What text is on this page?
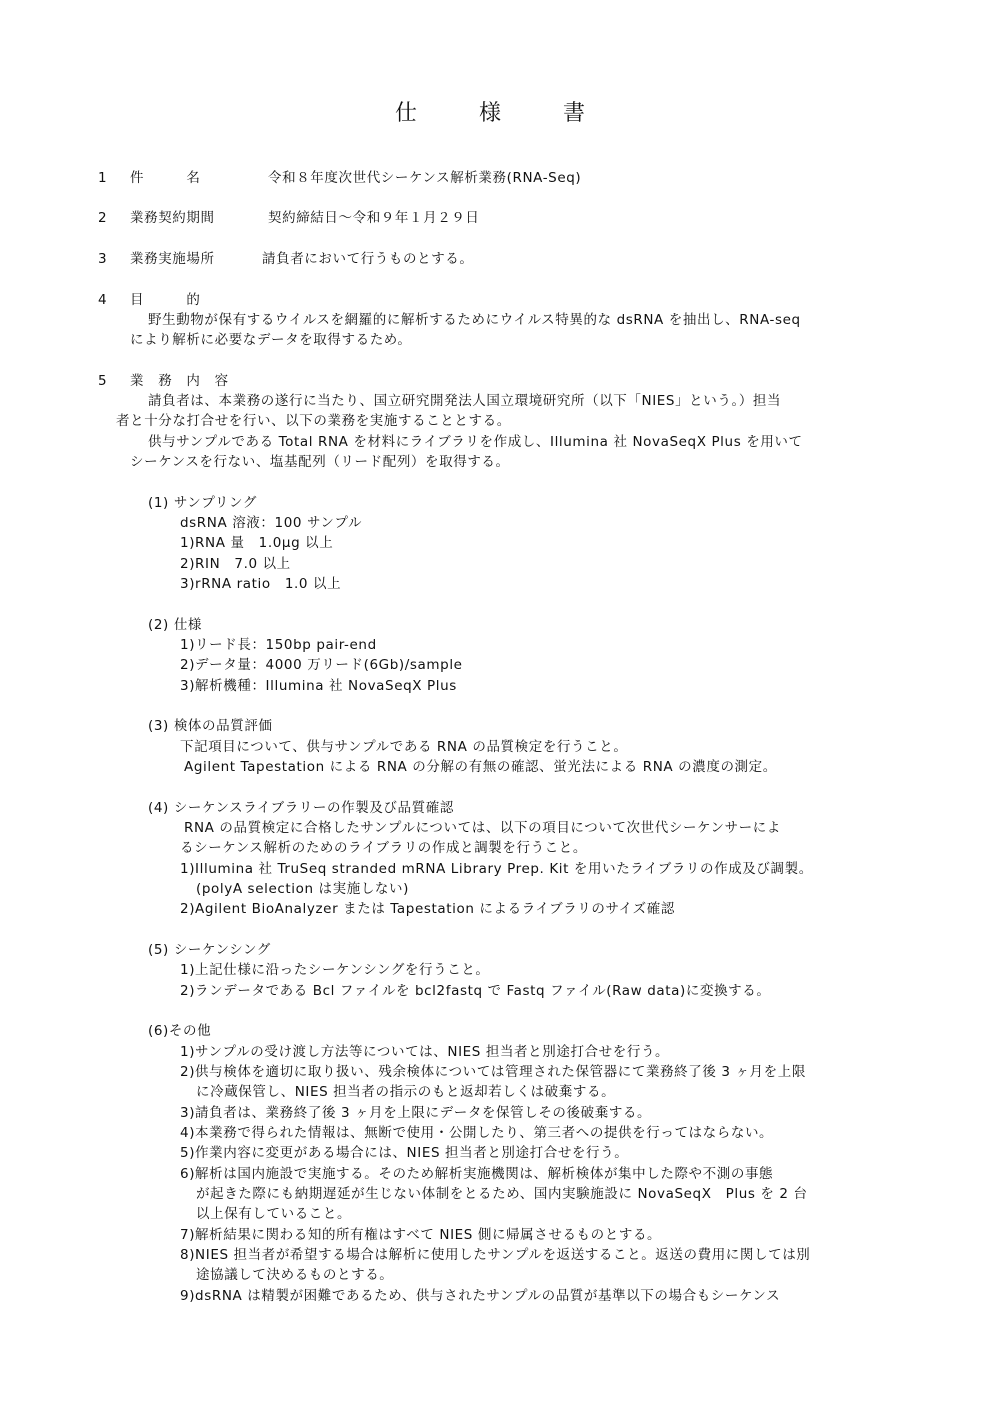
仕　様　書
1 件　　　名	令和８年度次世代シーケンス解析業務(RNA-Seq)
2 業務契約期間	契約締結日～令和９年１月２９日
3 業務実施場所	請負者において行うものとする。
4 目　　　的
野生動物が保有するウイルスを網羅的に解析するためにウイルス特異的な dsRNA を抽出し、RNA-seq
により解析に必要なデータを取得するため。
5 業　務　内　容
請負者は、本業務の遂行に当たり、国立研究開発法人国立環境研究所（以下「NIES」という。）担当
者と十分な打合せを行い、以下の業務を実施することとする。
供与サンプルである Total RNA を材料にライブラリを作成し、Illumina 社 NovaSeqX Plus を用いて
シーケンスを行ない、塩基配列（リード配列）を取得する。
(1) サンプリング
dsRNA 溶液：100 サンプル
1)RNA 量　1.0μg 以上
2)RIN　7.0 以上
3)rRNA ratio　1.0 以上
(2) 仕様
1)リード長：150bp pair-end
2)データ量：4000 万リード(6Gb)/sample
3)解析機種：Illumina 社 NovaSeqX Plus
(3) 検体の品質評価
下記項目について、供与サンプルである RNA の品質検定を行うこと。
Agilent Tapestation による RNA の分解の有無の確認、蛍光法による RNA の濃度の測定。
(4) シーケンスライブラリーの作製及び品質確認
RNA の品質検定に合格したサンプルについては、以下の項目について次世代シーケンサーによ
るシーケンス解析のためのライブラリの作成と調製を行うこと。
1)Illumina 社 TruSeq stranded mRNA Library Prep. Kit を用いたライブラリの作成及び調製。
(polyA selection は実施しない)
2)Agilent BioAnalyzer または Tapestation によるライブラリのサイズ確認
(5) シーケンシング
1)上記仕様に沿ったシーケンシングを行うこと。
2)ランデータである Bcl ファイルを bcl2fastq で Fastq ファイル(Raw data)に変換する。
(6)その他
1)サンプルの受け渡し方法等については、NIES 担当者と別途打合せを行う。
2)供与検体を適切に取り扱い、残余検体については管理された保管器にて業務終了後 3 ヶ月を上限
に冷蔵保管し、NIES 担当者の指示のもと返却若しくは破棄する。
3)請負者は、業務終了後 3 ヶ月を上限にデータを保管しその後破棄する。
4)本業務で得られた情報は、無断で使用・公開したり、第三者への提供を行ってはならない。
5)作業内容に変更がある場合には、NIES 担当者と別途打合せを行う。
6)解析は国内施設で実施する。そのため解析実施機関は、解析検体が集中した際や不測の事態
が起きた際にも納期遅延が生じない体制をとるため、国内実験施設に NovaSeqX　Plus を 2 台
以上保有していること。
7)解析結果に関わる知的所有権はすべて NIES 側に帰属させるものとする。
8)NIES 担当者が希望する場合は解析に使用したサンプルを返送すること。返送の費用に関しては別
途協議して決めるものとする。
9)dsRNA は精製が困難であるため、供与されたサンプルの品質が基準以下の場合もシーケンス
